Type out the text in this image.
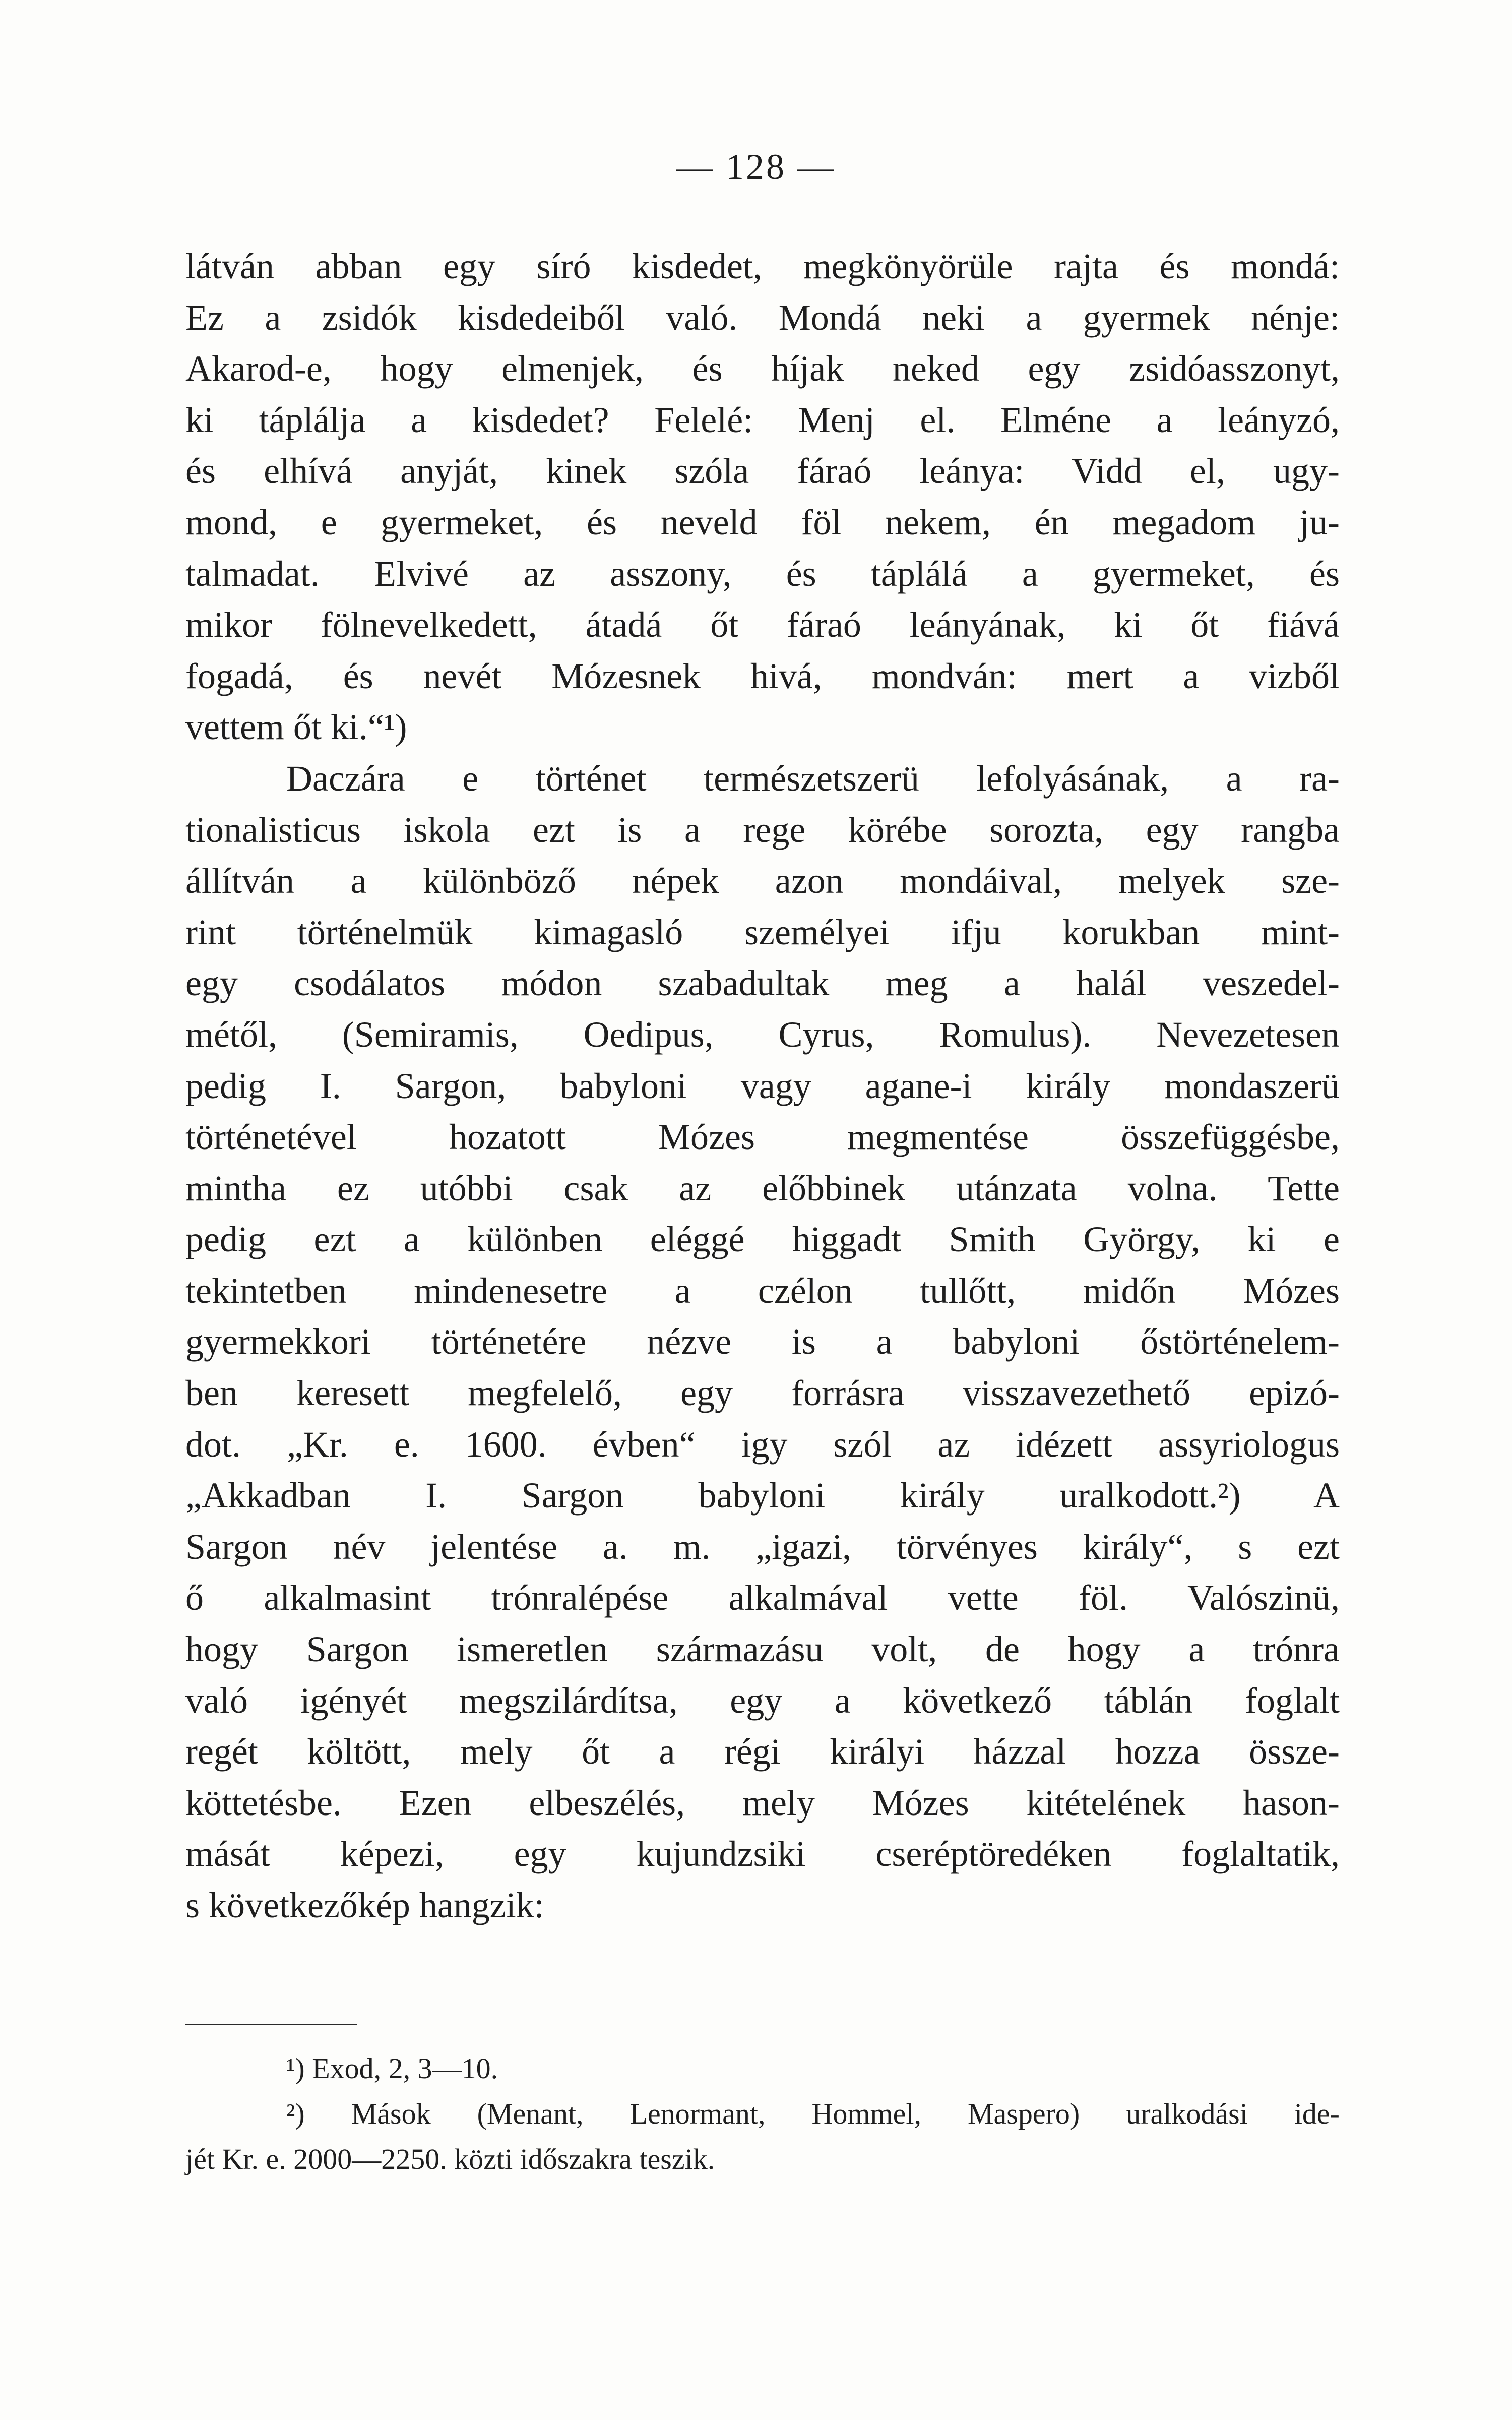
— 128 —
látván abban egy síró kisdedet, megkönyörüle rajta és mondá:
Ez a zsidók kisdedeiből való. Mondá neki a gyermek nénje:
Akarod-e, hogy elmenjek, és híjak neked egy zsidóasszonyt,
ki táplálja a kisdedet? Felelé: Menj el. Elméne a leányzó,
és elhívá anyját, kinek szóla fáraó leánya: Vidd el, ugy-
mond, e gyermeket, és neveld föl nekem, én megadom ju-
talmadat. Elvivé az asszony, és táplálá a gyermeket, és
mikor fölnevelkedett, átadá őt fáraó leányának, ki őt fiává
fogadá, és nevét Mózesnek hivá, mondván: mert a vizből
vettem őt ki.“¹)
Daczára e történet természetszerü lefolyásának, a ra-
tionalisticus iskola ezt is a rege körébe sorozta, egy rangba
állítván a különböző népek azon mondáival, melyek sze-
rint történelmük kimagasló személyei ifju korukban mint-
egy csodálatos módon szabadultak meg a halál veszedel-
métől, (Semiramis, Oedipus, Cyrus, Romulus). Nevezetesen
pedig I. Sargon, babyloni vagy agane-i király mondaszerü
történetével hozatott Mózes megmentése összefüggésbe,
mintha ez utóbbi csak az előbbinek utánzata volna. Tette
pedig ezt a különben eléggé higgadt Smith György, ki e
tekintetben mindenesetre a czélon tullőtt, midőn Mózes
gyermekkori történetére nézve is a babyloni őstörténelem-
ben keresett megfelelő, egy forrásra visszavezethető epizó-
dot. „Kr. e. 1600. évben“ igy szól az idézett assyriologus
„Akkadban I. Sargon babyloni király uralkodott.²) A
Sargon név jelentése a. m. „igazi, törvényes király“, s ezt
ő alkalmasint trónralépése alkalmával vette föl. Valószinü,
hogy Sargon ismeretlen származásu volt, de hogy a trónra
való igényét megszilárdítsa, egy a következő táblán foglalt
regét költött, mely őt a régi királyi házzal hozza össze-
köttetésbe. Ezen elbeszélés, mely Mózes kitételének hason-
mását képezi, egy kujundzsiki cseréptöredéken foglaltatik,
s következőkép hangzik:
¹) Exod, 2, 3—10.
²) Mások (Menant, Lenormant, Hommel, Maspero) uralkodási ide-
jét Kr. e. 2000—2250. közti időszakra teszik.
